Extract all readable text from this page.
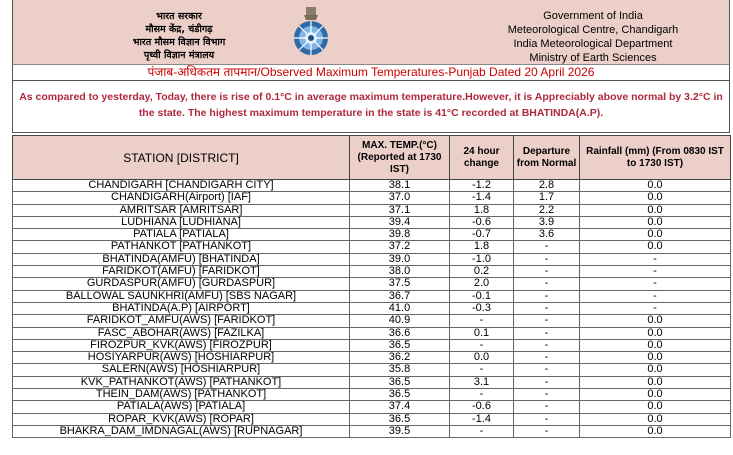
भारत सरकार
मौसम केंद्र, चंडीगढ़
भारत मौसम विज्ञान विभाग
पृथ्वी विज्ञान मंत्रालय
Government of India
Meteorological Centre, Chandigarh
India Meteorological Department
Ministry of Earth Sciences
पंजाब-अधिकतम तापमान/Observed Maximum Temperatures-Punjab Dated 20 April 2026
As compared to yesterday, Today, there is rise of 0.1°C in average maximum temperature.However, it is Appreciably above normal by 3.2°C in the state. The highest maximum temperature in the state is 41°C recorded at BHATINDA(A.P).
STATION [DISTRICT]	MAX. TEMP.(°C) (Reported at 1730 IST)	24 hour change	Departure from Normal	Rainfall (mm) (From 0830 IST to 1730 IST)
CHANDIGARH [CHANDIGARH CITY]	38.1	-1.2	2.8	0.0
CHANDIGARH(Airport) [IAF]	37.0	-1.4	1.7	0.0
AMRITSAR [AMRITSAR]	37.1	1.8	2.2	0.0
LUDHIANA [LUDHIANA]	39.4	-0.6	3.9	0.0
PATIALA [PATIALA]	39.8	-0.7	3.6	0.0
PATHANKOT [PATHANKOT]	37.2	1.8	-	0.0
BHATINDA(AMFU) [BHATINDA]	39.0	-1.0	-	-
FARIDKOT(AMFU) [FARIDKOT]	38.0	0.2	-	-
GURDASPUR(AMFU) [GURDASPUR]	37.5	2.0	-	-
BALLOWAL SAUNKHRI(AMFU) [SBS NAGAR]	36.7	-0.1	-	-
BHATINDA(A.P) [AIRPORT]	41.0	-0.3	-	-
FARIDKOT_AMFU(AWS) [FARIDKOT]	40.9	-	-	0.0
FASC_ABOHAR(AWS) [FAZILKA]	36.6	0.1	-	0.0
FIROZPUR_KVK(AWS) [FIROZPUR]	36.5	-	-	0.0
HOSIYARPUR(AWS) [HOSHIARPUR]	36.2	0.0	-	0.0
SALERN(AWS) [HOSHIARPUR]	35.8	-	-	0.0
KVK_PATHANKOT(AWS) [PATHANKOT]	36.5	3.1	-	0.0
THEIN_DAM(AWS) [PATHANKOT]	36.5	-	-	0.0
PATIALA(AWS) [PATIALA]	37.4	-0.6	-	0.0
ROPAR_KVK(AWS) [ROPAR]	36.5	-1.4	-	0.0
BHAKRA_DAM_IMDNAGAL(AWS) [RUPNAGAR]	39.5	-	-	0.0
